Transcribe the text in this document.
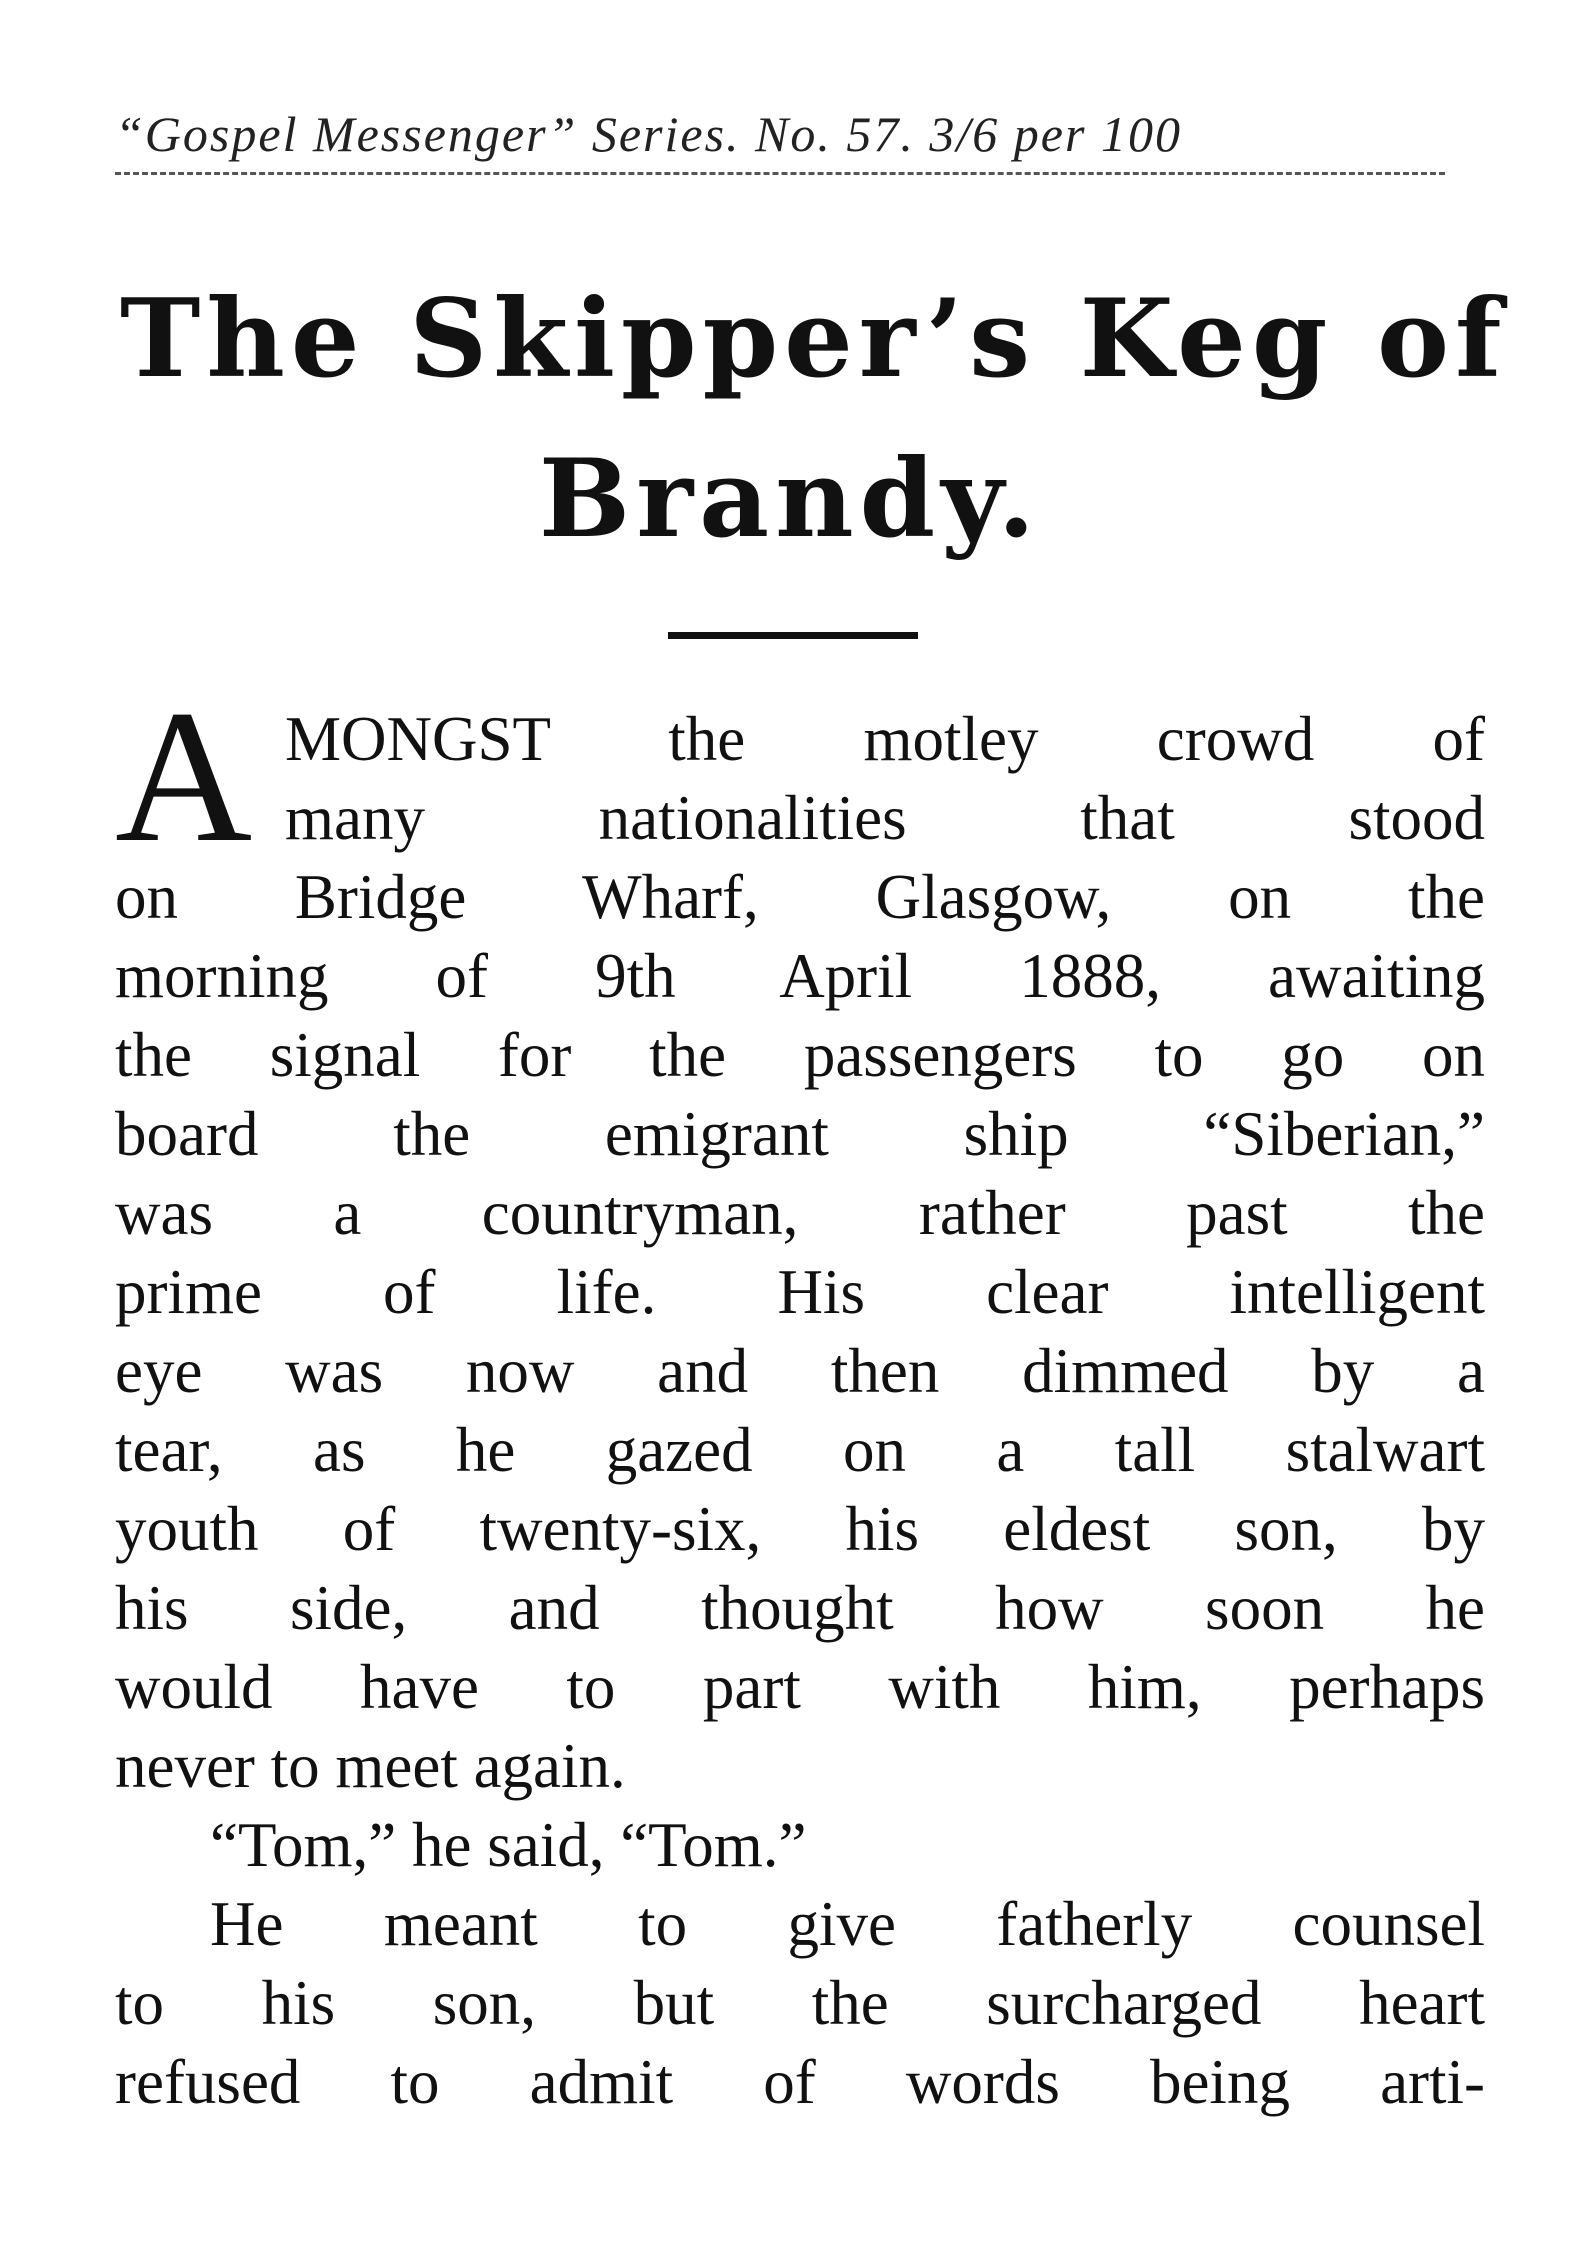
“Gospel Messenger” Series. No. 57. 3/6 per 100
The Skipper’s Keg of
Brandy.
A MONGST the motley crowd of
many nationalities that stood
on Bridge Wharf, Glasgow, on the
morning of 9th April 1888, awaiting
the signal for the passengers to go on
board the emigrant ship “Siberian,”
was a countryman, rather past the
prime of life. His clear intelligent
eye was now and then dimmed by a
tear, as he gazed on a tall stalwart
youth of twenty-six, his eldest son, by
his side, and thought how soon he
would have to part with him, perhaps
never to meet again.
“Tom,” he said, “Tom.”
He meant to give fatherly counsel
to his son, but the surcharged heart
refused to admit of words being arti-
